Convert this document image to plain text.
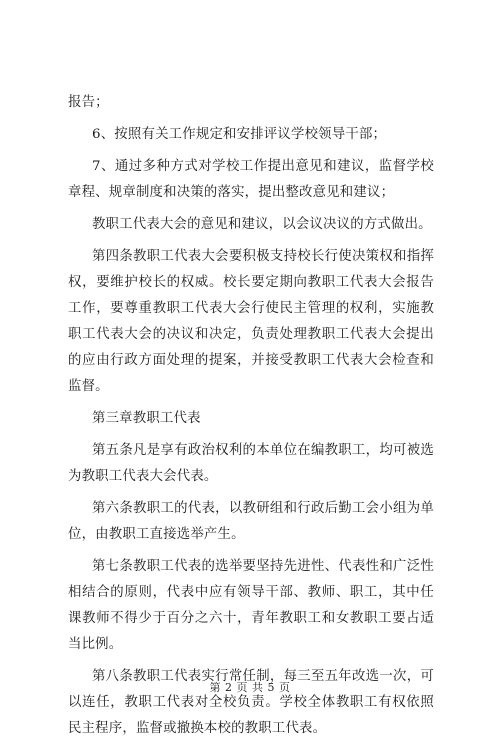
报告；

6、按照有关工作规定和安排评议学校领导干部；

7、通过多种方式对学校工作提出意见和建议，监督学校章程、规章制度和决策的落实，提出整改意见和建议；

教职工代表大会的意见和建议，以会议决议的方式做出。

第四条教职工代表大会要积极支持校长行使决策权和指挥权，要维护校长的权威。校长要定期向教职工代表大会报告工作，要尊重教职工代表大会行使民主管理的权利，实施教职工代表大会的决议和决定，负责处理教职工代表大会提出的应由行政方面处理的提案，并接受教职工代表大会检查和监督。

第三章教职工代表

第五条凡是享有政治权利的本单位在编教职工，均可被选为教职工代表大会代表。

第六条教职工的代表，以教研组和行政后勤工会小组为单位，由教职工直接选举产生。

第七条教职工代表的选举要坚持先进性、代表性和广泛性相结合的原则，代表中应有领导干部、教师、职工，其中任课教师不得少于百分之六十，青年教职工和女教职工要占适当比例。

第八条教职工代表实行常任制，每三至五年改选一次，可以连任，教职工代表对全校负责。学校全体教职工有权依照民主程序，监督或撤换本校的教职工代表。

第 2 页 共 5 页
